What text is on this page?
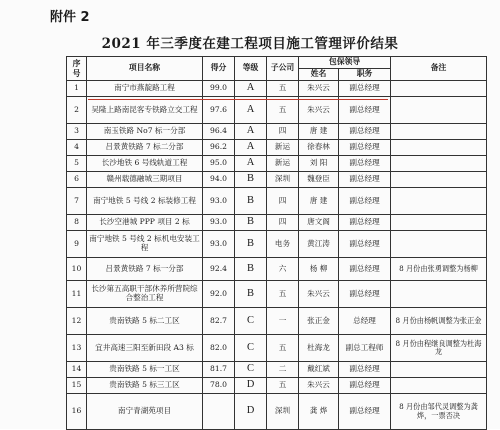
附件 2
2021 年三季度在建工程项目施工管理评价结果
序
号	项目名称	得分	等级	子公司	包保领导		备注
					姓名	职务	
1	南宁市燕靛路工程	99.0	A	五	朱兴云	副总经理	
2	吴隆上路南昆客专铁路立交工程	97.6	A	五	朱兴云	副总经理	
3	南玉铁路 No7 标一分部	96.4	A	四	唐 建	副总经理	
4	吕景黄铁路 7 标二分部	96.2	A	新运	徐春林	副总经理	
5	长沙地铁 6 号线轨道工程	95.0	A	新运	刘 阳	副总经理	
6	赣州载德融城三期项目	94.0	B	深圳	魏登臣	副总经理	
7	南宁地铁 5 号线 2 标装修工程	93.0	B	四	唐 建	副总经理	
8	长沙空港城 PPP 项目 2 标	93.0	B	四	唐文阁	副总经理	
9	南宁地铁 5 号线 2 标机电安装工程	93.0	B	电务	黄江涛	副总经理	
10	吕景黄铁路 7 标一分部	92.4	B	六	杨 柳	副总经理	8 月份由张勇调整为杨柳
11	长沙第五高职干部休养所营院综合整治工程	92.0	B	五	朱兴云	副总经理	
12	贵南铁路 5 标二工区	82.7	C	一	张正金	总经理	8 月份由杨帆调整为张正金
13	宜井高速三阳至新田段 A3 标	82.0	C	五	杜海龙	副总工程师	8 月份由程继良调整为杜海龙
14	贵南铁路 5 标一工区	81.7	C	二	戴红斌	副总经理	
15	贵南铁路 5 标三工区	78.0	D	五	朱兴云	副总经理	
16	南宁青湖苑项目		D	深圳	龚 烨	副总经理	8 月份由邹代灵调整为龚烨，一票否决
